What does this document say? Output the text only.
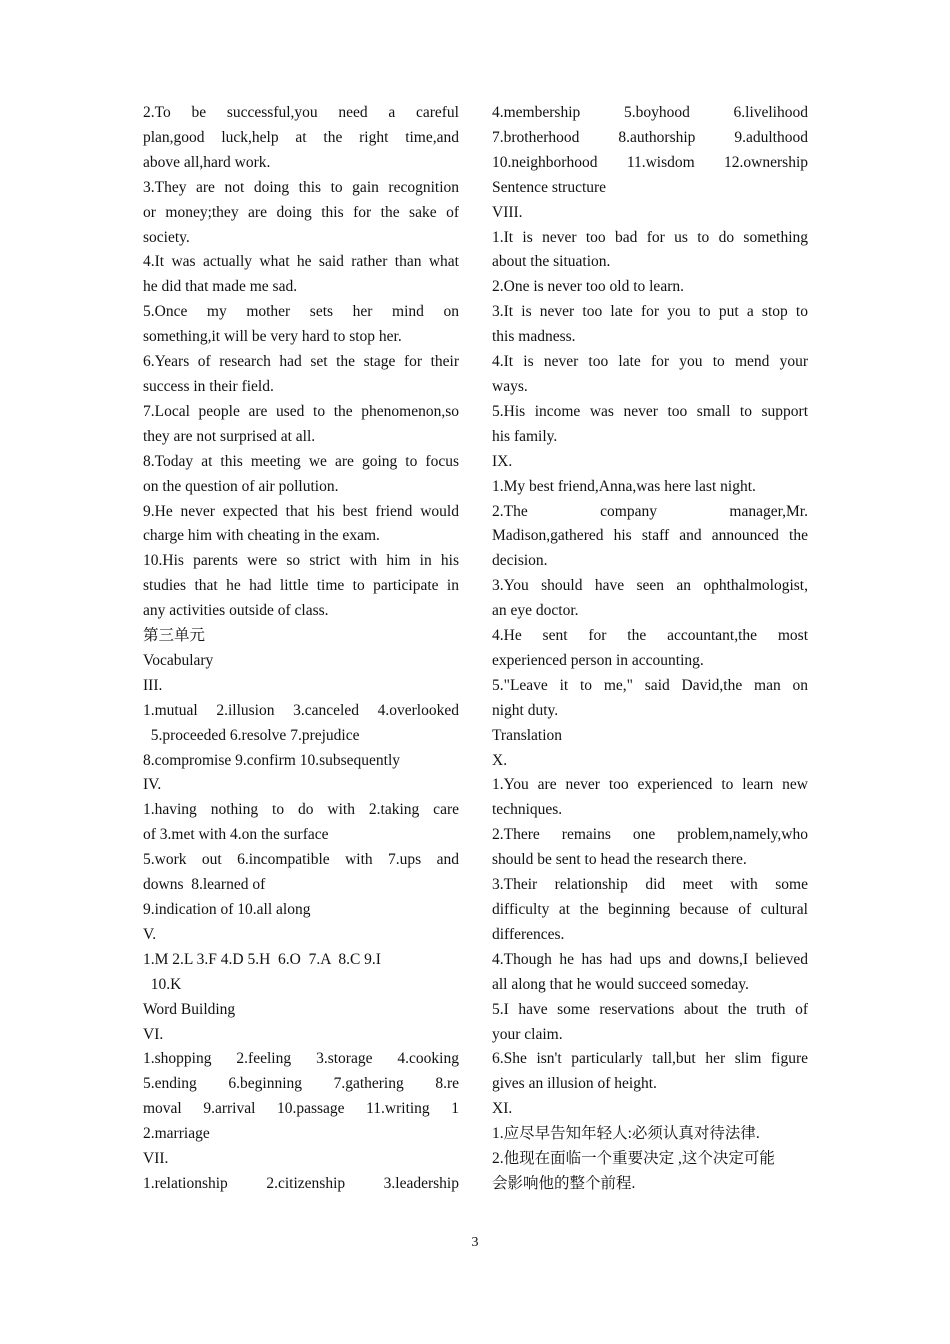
2.To be successful,you need a careful
plan,good luck,help at the right time,and
above all,hard work.
3.They are not doing this to gain recognition
or money;they are doing this for the sake of
society.
4.It was actually what he said rather than what
he did that made me sad.
5.Once my mother sets her mind on
something,it will be very hard to stop her.
6.Years of research had set the stage for their
success in their field.
7.Local people are used to the phenomenon,so
they are not surprised at all.
8.Today at this meeting we are going to focus
on the question of air pollution.
9.He never expected that his best friend would
charge him with cheating in the exam.
10.His parents were so strict with him in his
studies that he had little time to participate in
any activities outside of class.
第三单元
Vocabulary
III.
1.mutual 2.illusion 3.canceled 4.overlooked
5.proceeded 6.resolve 7.prejudice
8.compromise 9.confirm 10.subsequently
IV.
1.having nothing to do with 2.taking care
of 3.met with 4.on the surface
5.work out 6.incompatible with 7.ups and
downs  8.learned of
9.indication of 10.all along
V.
1.M 2.L 3.F 4.D 5.H  6.O  7.A  8.C 9.I
10.K
Word Building
VI.
1.shopping 2.feeling 3.storage 4.cooking
5.ending 6.beginning 7.gathering 8.re
moval 9.arrival 10.passage 11.writing 1
2.marriage
VII.
1.relationship 2.citizenship 3.leadership
4.membership 5.boyhood 6.livelihood
7.brotherhood 8.authorship 9.adulthood
10.neighborhood 11.wisdom 12.ownership
Sentence structure
VIII.
1.It is never too bad for us to do something
about the situation.
2.One is never too old to learn.
3.It is never too late for you to put a stop to
this madness.
4.It is never too late for you to mend your
ways.
5.His income was never too small to support
his family.
IX.
1.My best friend,Anna,was here last night.
2.The company manager,Mr.
Madison,gathered his staff and announced the
decision.
3.You should have seen an ophthalmologist,
an eye doctor.
4.He sent for the accountant,the most
experienced person in accounting.
5."Leave it to me," said David,the man on
night duty.
Translation
X.
1.You are never too experienced to learn new
techniques.
2.There remains one problem,namely,who
should be sent to head the research there.
3.Their relationship did meet with some
difficulty at the beginning because of cultural
differences.
4.Though he has had ups and downs,I believed
all along that he would succeed someday.
5.I have some reservations about the truth of
your claim.
6.She isn't particularly tall,but her slim figure
gives an illusion of height.
XI.
1.应尽早告知年轻人:必须认真对待法律.
2.他现在面临一个重要决定 ,这个决定可能
会影响他的整个前程.
3
